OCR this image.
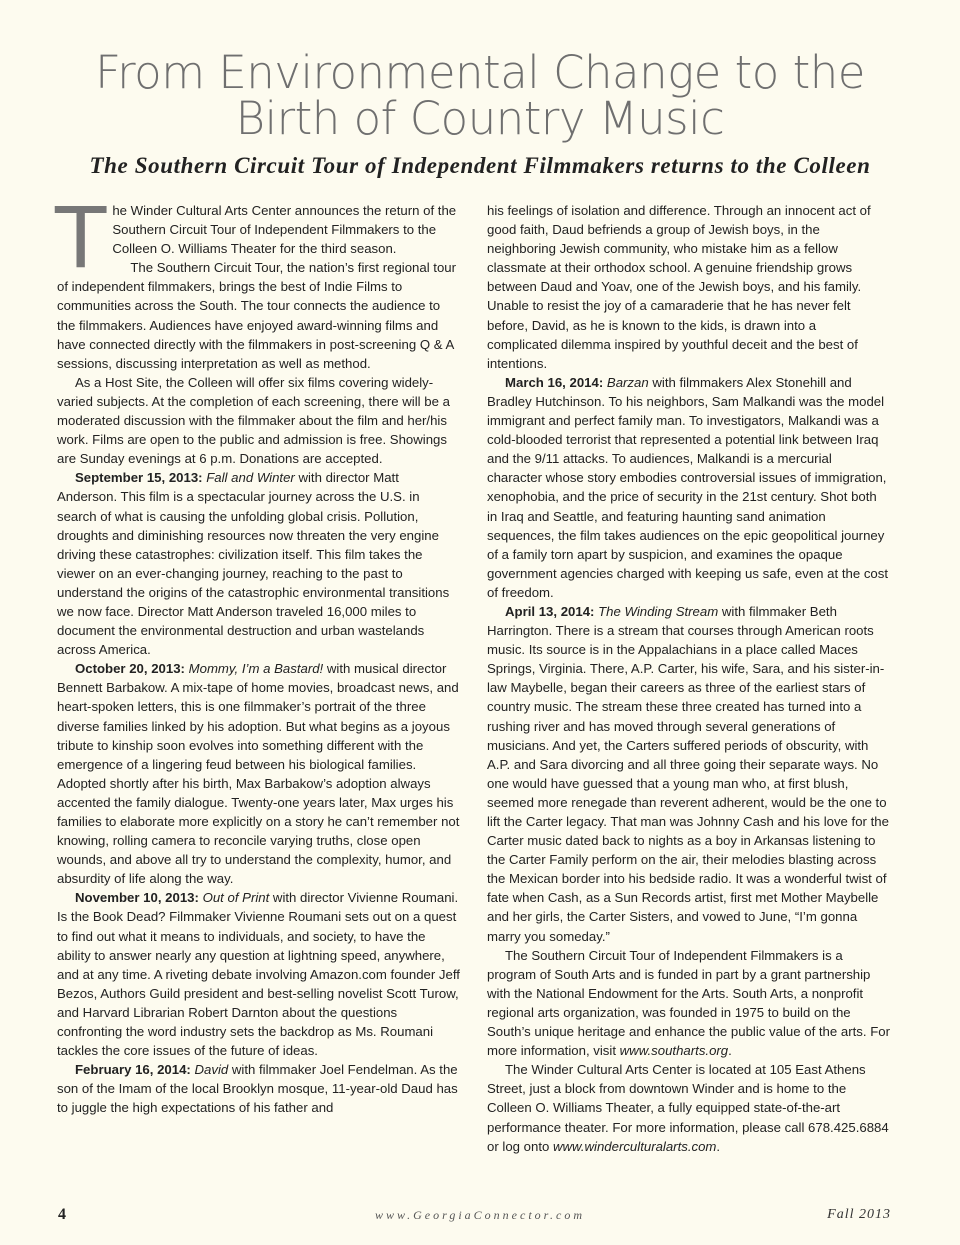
From Environmental Change to the
Birth of Country Music
The Southern Circuit Tour of Independent Filmmakers returns to the Colleen

The Winder Cultural Arts Center announces the return of the Southern Circuit Tour of Independent Filmmakers to the Colleen O. Williams Theater for the third season.

The Southern Circuit Tour, the nation’s first regional tour of independent filmmakers, brings the best of Indie Films to communities across the South. The tour connects the audience to the filmmakers. Audiences have enjoyed award-winning films and have connected directly with the filmmakers in post-screening Q & A sessions, discussing interpretation as well as method.

As a Host Site, the Colleen will offer six films covering widely-varied subjects. At the completion of each screening, there will be a moderated discussion with the filmmaker about the film and her/his work. Films are open to the public and admission is free. Showings are Sunday evenings at 6 p.m. Donations are accepted.

September 15, 2013: Fall and Winter with director Matt Anderson. This film is a spectacular journey across the U.S. in search of what is causing the unfolding global crisis. Pollution, droughts and diminishing resources now threaten the very engine driving these catastrophes: civilization itself. This film takes the viewer on an ever-changing journey, reaching to the past to understand the origins of the catastrophic environmental transitions we now face. Director Matt Anderson traveled 16,000 miles to document the environmental destruction and urban wastelands across America.

October 20, 2013: Mommy, I’m a Bastard! with musical director Bennett Barbakow. A mix-tape of home movies, broadcast news, and heart-spoken letters, this is one filmmaker’s portrait of the three diverse families linked by his adoption. But what begins as a joyous tribute to kinship soon evolves into something different with the emergence of a lingering feud between his biological families. Adopted shortly after his birth, Max Barbakow’s adoption always accented the family dialogue. Twenty-one years later, Max urges his families to elaborate more explicitly on a story he can’t remember not knowing, rolling camera to reconcile varying truths, close open wounds, and above all try to understand the complexity, humor, and absurdity of life along the way.

November 10, 2013: Out of Print with director Vivienne Roumani. Is the Book Dead? Filmmaker Vivienne Roumani sets out on a quest to find out what it means to individuals, and society, to have the ability to answer nearly any question at lightning speed, anywhere, and at any time. A riveting debate involving Amazon.com founder Jeff Bezos, Authors Guild president and best-selling novelist Scott Turow, and Harvard Librarian Robert Darnton about the questions confronting the word industry sets the backdrop as Ms. Roumani tackles the core issues of the future of ideas.

February 16, 2014: David with filmmaker Joel Fendelman. As the son of the Imam of the local Brooklyn mosque, 11-year-old Daud has to juggle the high expectations of his father and

his feelings of isolation and difference. Through an innocent act of good faith, Daud befriends a group of Jewish boys, in the neighboring Jewish community, who mistake him as a fellow classmate at their orthodox school. A genuine friendship grows between Daud and Yoav, one of the Jewish boys, and his family. Unable to resist the joy of a camaraderie that he has never felt before, David, as he is known to the kids, is drawn into a complicated dilemma inspired by youthful deceit and the best of intentions.

March 16, 2014: Barzan with filmmakers Alex Stonehill and Bradley Hutchinson. To his neighbors, Sam Malkandi was the model immigrant and perfect family man. To investigators, Malkandi was a cold-blooded terrorist that represented a potential link between Iraq and the 9/11 attacks. To audiences, Malkandi is a mercurial character whose story embodies controversial issues of immigration, xenophobia, and the price of security in the 21st century. Shot both in Iraq and Seattle, and featuring haunting sand animation sequences, the film takes audiences on the epic geopolitical journey of a family torn apart by suspicion, and examines the opaque government agencies charged with keeping us safe, even at the cost of freedom.

April 13, 2014: The Winding Stream with filmmaker Beth Harrington. There is a stream that courses through American roots music. Its source is in the Appalachians in a place called Maces Springs, Virginia. There, A.P. Carter, his wife, Sara, and his sister-in-law Maybelle, began their careers as three of the earliest stars of country music. The stream these three created has turned into a rushing river and has moved through several generations of musicians. And yet, the Carters suffered periods of obscurity, with A.P. and Sara divorcing and all three going their separate ways. No one would have guessed that a young man who, at first blush, seemed more renegade than reverent adherent, would be the one to lift the Carter legacy. That man was Johnny Cash and his love for the Carter music dated back to nights as a boy in Arkansas listening to the Carter Family perform on the air, their melodies blasting across the Mexican border into his bedside radio. It was a wonderful twist of fate when Cash, as a Sun Records artist, first met Mother Maybelle and her girls, the Carter Sisters, and vowed to June, “I’m gonna marry you someday.”

The Southern Circuit Tour of Independent Filmmakers is a program of South Arts and is funded in part by a grant partnership with the National Endowment for the Arts. South Arts, a nonprofit regional arts organization, was founded in 1975 to build on the South’s unique heritage and enhance the public value of the arts. For more information, visit www.southarts.org.

The Winder Cultural Arts Center is located at 105 East Athens Street, just a block from downtown Winder and is home to the Colleen O. Williams Theater, a fully equipped state-of-the-art performance theater. For more information, please call 678.425.6884 or log onto www.winderculturalarts.com.

4	www.GeorgiaConnector.com	Fall 2013
